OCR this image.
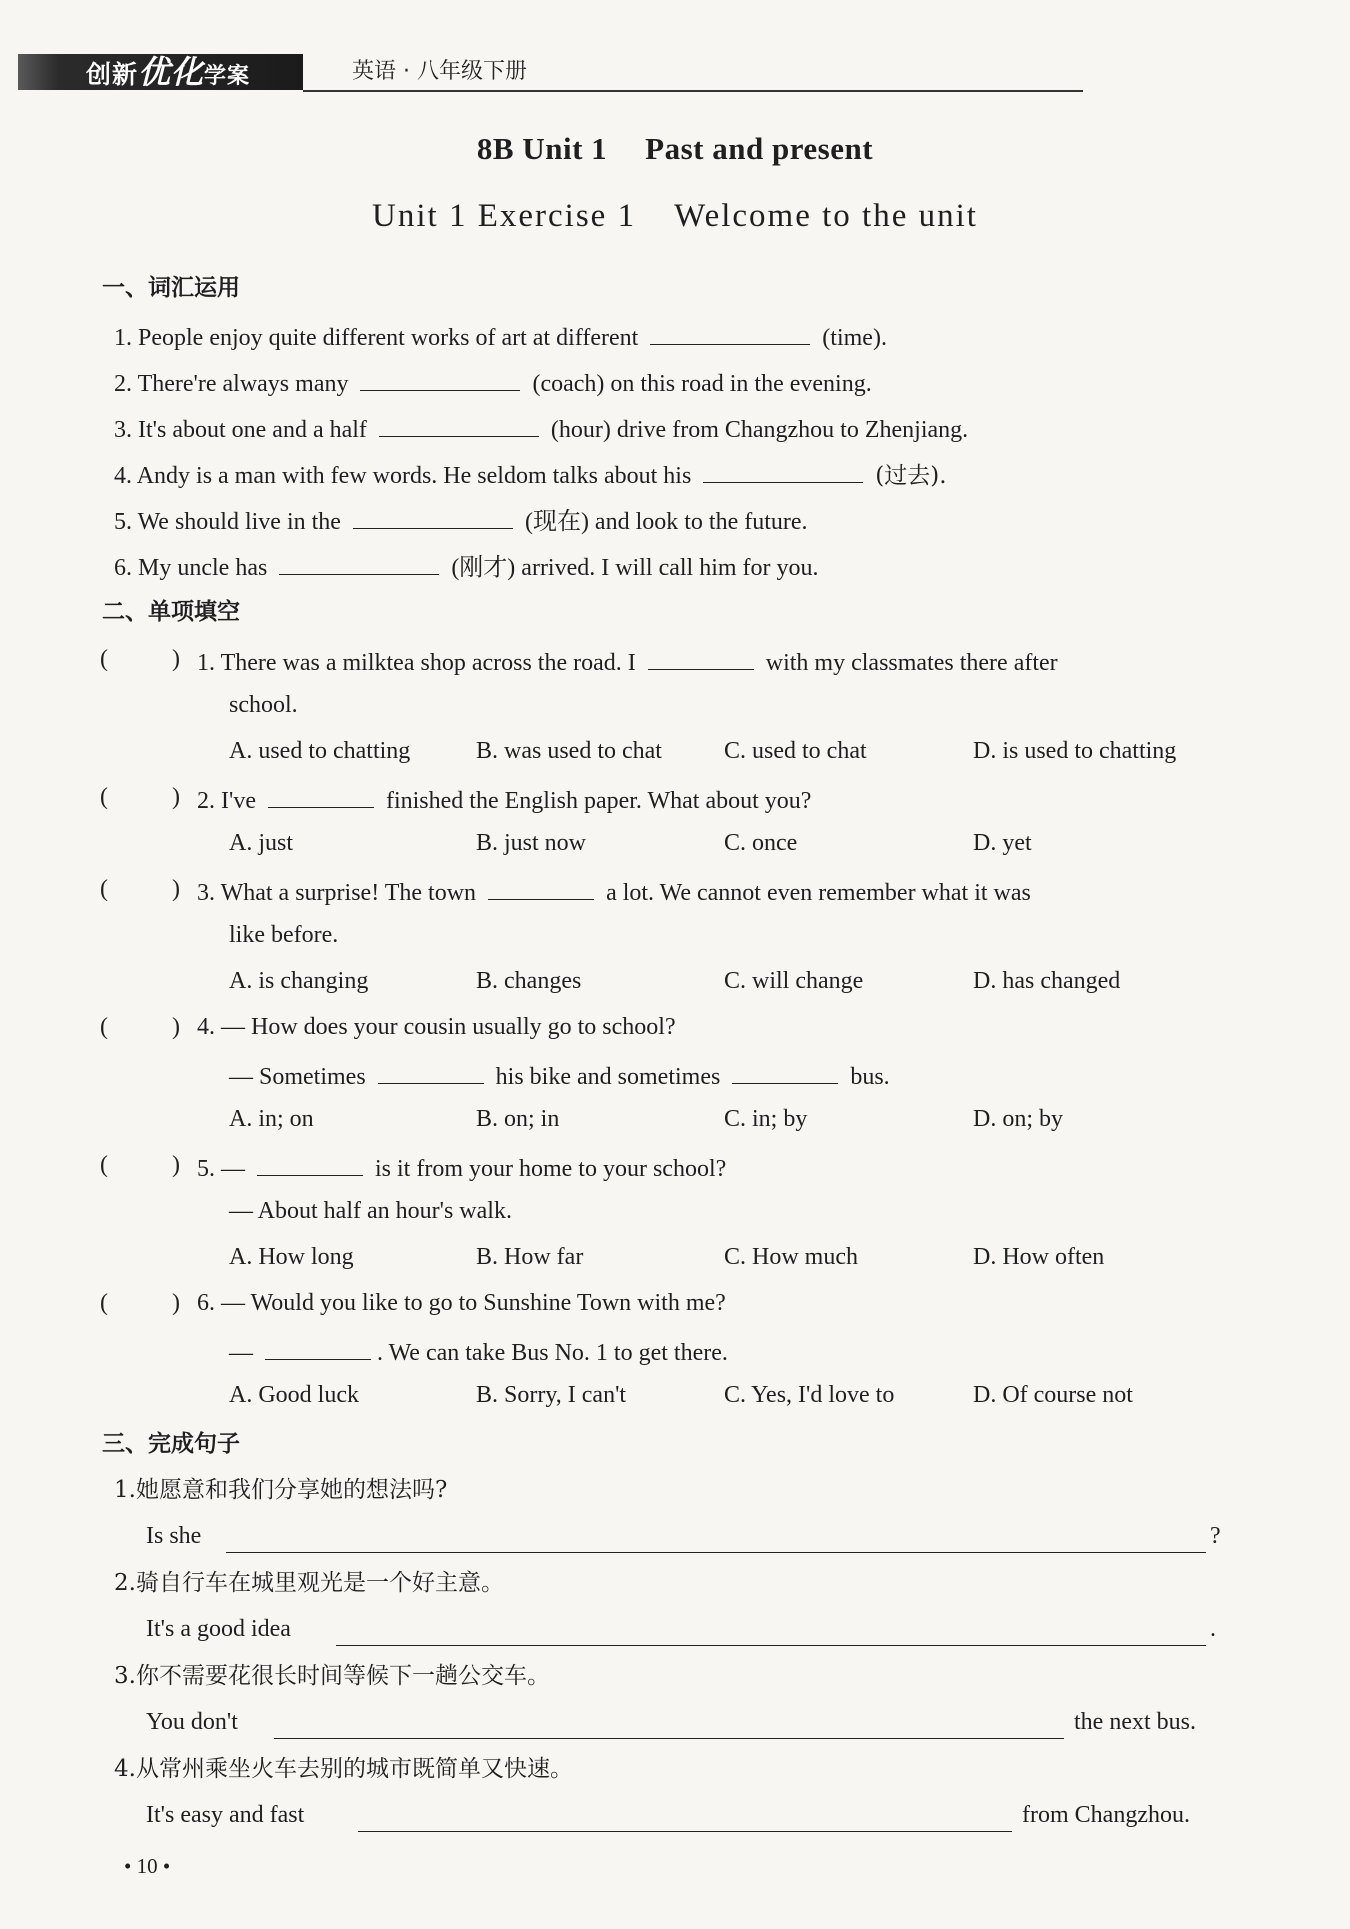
创新优化学案	英语 · 八年级下册
8B Unit 1 Past and present
Unit 1 Exercise 1 Welcome to the unit
一、词汇运用
1. People enjoy quite different works of art at different	(time).
2. There're always many	(coach) on this road in the evening.
3. It's about one and a half	(hour) drive from Changzhou to Zhenjiang.
4. Andy is a man with few words. He seldom talks about his	(过去).
5. We should live in the	(现在) and look to the future.
6. My uncle has	(刚才) arrived. I will call him for you.
二、单项填空
(	) 1. There was a milktea shop across the road. I	with my classmates there after
school.
A. used to chatting	B. was used to chat	C. used to chat	D. is used to chatting
(	) 2. I've	finished the English paper. What about you?
A. just	B. just now	C. once	D. yet
(	) 3. What a surprise! The town	a lot. We cannot even remember what it was
like before.
A. is changing	B. changes	C. will change	D. has changed
(	) 4. — How does your cousin usually go to school?
— Sometimes	his bike and sometimes	bus.
A. in; on	B. on; in	C. in; by	D. on; by
(	) 5. —	is it from your home to your school?
— About half an hour's walk.
A. How long	B. How far	C. How much	D. How often
(	) 6. — Would you like to go to Sunshine Town with me?
—	. We can take Bus No. 1 to get there.
A. Good luck	B. Sorry, I can't	C. Yes, I'd love to	D. Of course not
三、完成句子
1.她愿意和我们分享她的想法吗?
Is she	?
2.骑自行车在城里观光是一个好主意。
It's a good idea	.
3.你不需要花很长时间等候下一趟公交车。
You don't	the next bus.
4.从常州乘坐火车去别的城市既简单又快速。
It's easy and fast	from Changzhou.
• 10 •
